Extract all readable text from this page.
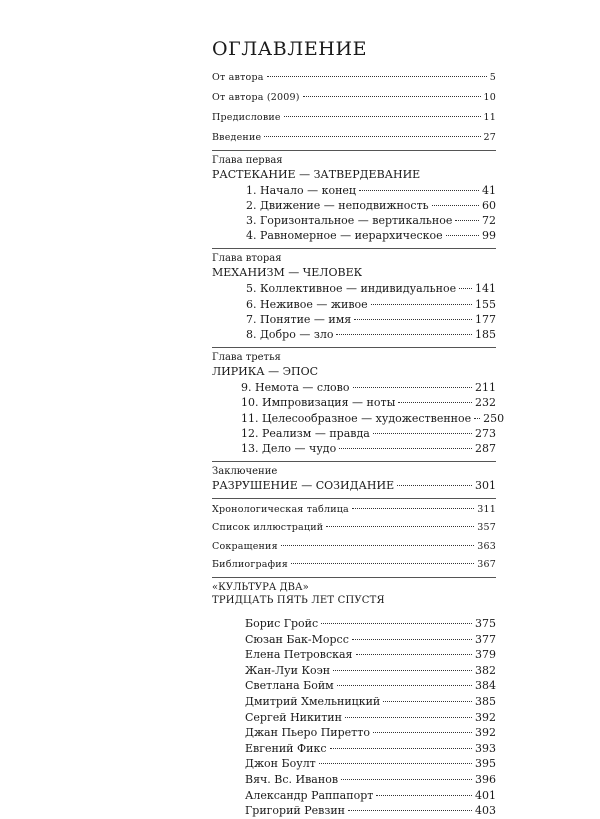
ОГЛАВЛЕНИЕ
От автора	5
От автора (2009)	10
Предисловие	11
Введение	27
Глава первая
РАСТЕКАНИЕ — ЗАТВЕРДЕВАНИЕ
1. Начало — конец	41
2. Движение — неподвижность	60
3. Горизонтальное — вертикальное	72
4. Равномерное — иерархическое	99
Глава вторая
МЕХАНИЗМ — ЧЕЛОВЕК
5. Коллективное — индивидуальное 141
6. Неживое — живое	155
7. Понятие — имя	177
8. Добро — зло	185
Глава третья
ЛИРИКА — ЭПОС
9. Немота — слово	211
10. Импровизация — ноты	232
11. Целесообразное — художественное 250
12. Реализм — правда	273
13. Дело — чудо	287
Заключение
РАЗРУШЕНИЕ — СОЗИДАНИЕ	301
Хронологическая таблица	311
Список иллюстраций	357
Сокращения	363
Библиография	367
«КУЛЬТУРА ДВА»
ТРИДЦАТЬ ПЯТЬ ЛЕТ СПУСТЯ
Борис Гройс	375
Сюзан Бак-Морсс	377
Елена Петровская	379
Жан-Луи Коэн	382
Светлана Бойм	384
Дмитрий Хмельницкий	385
Сергей Никитин	392
Джан Пьеро Пиретто	392
Евгений Фикс	393
Джон Боулт	395
Вяч. Вс. Иванов	396
Александр Раппапорт	401
Григорий Ревзин	403
